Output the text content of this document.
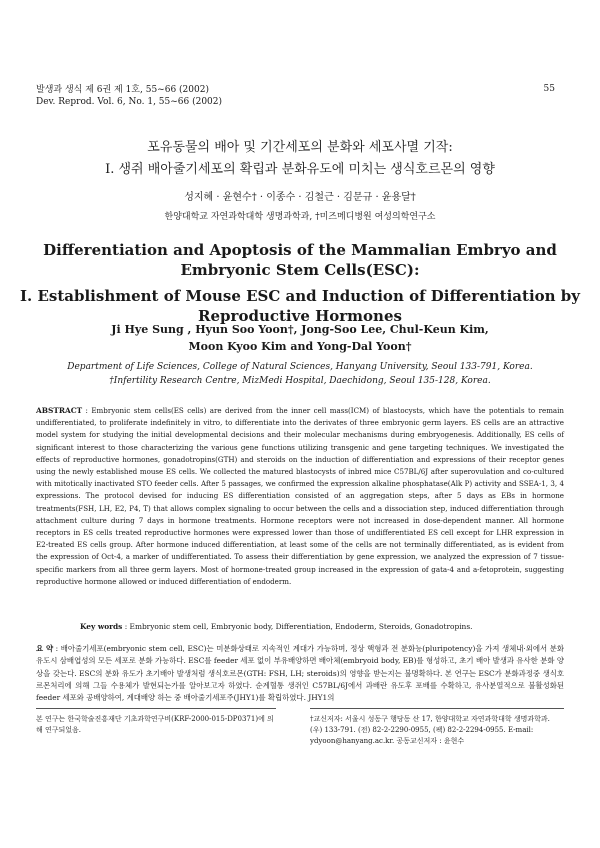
발생과 생식 제 6권 제 1호, 55~66 (2002)
Dev. Reprod. Vol. 6, No. 1, 55~66 (2002)
55
포유동물의 배아 및 기간세포의 분화와 세포사멸 기작:
I. 생쥐 배아줄기세포의 확립과 분화유도에 미치는 생식호르몬의 영향
성지혜 · 윤현수† · 이종수 · 김철근 · 김문규 · 윤용달†
한양대학교 자연과학대학 생명과학과, †미즈메디병원 여성의학연구소
Differentiation and Apoptosis of the Mammalian Embryo and
Embryonic Stem Cells(ESC):
I. Establishment of Mouse ESC and Induction of Differentiation by
Reproductive Hormones
Ji Hye Sung , Hyun Soo Yoon†, Jong-Soo Lee, Chul-Keun Kim,
Moon Kyoo Kim and Yong-Dal Yoon†
Department of Life Sciences, College of Natural Sciences, Hanyang University, Seoul 133-791, Korea.
†Infertility Research Centre, MizMedi Hospital, Daechidong, Seoul 135-128, Korea.
ABSTRACT : Embryonic stem cells(ES cells) are derived from the inner cell mass(ICM) of blastocysts, which have the potentials to remain undifferentiated, to proliferate indefinitely in vitro, to differentiate into the derivates of three embryonic germ layers. ES cells are an attractive model system for studying the initial developmental decisions and their molecular mechanisms during embryogenesis. Additionally, ES cells of significant interest to those characterizing the various gene functions utilizing transgenic and gene targeting techniques. We investigated the effects of reproductive hormones, gonadotropins(GTH) and steroids on the induction of differentiation and expressions of their receptor genes using the newly established mouse ES cells. We collected the matured blastocysts of inbred mice C57BL/6J after superovulation and co-cultured with mitotically inactivated STO feeder cells. After 5 passages, we confirmed the expression alkaline phosphatase(Alk P) activity and SSEA-1, 3, 4 expressions. The protocol devised for inducing ES differentiation consisted of an aggregation steps, after 5 days as EBs in hormone treatments(FSH, LH, E2, P4, T) that allows complex signaling to occur between the cells and a dissociation step, induced differentiation through attachment culture during 7 days in hormone treatments. Hormone receptors were not increased in dose-dependent manner. All hormone receptors in ES cells treated reproductive hormones were expressed lower than those of undifferentiated ES cell except for LHR expression in E2-treated ES cells group. After hormone induced differentiation, at least some of the cells are not terminally differentiated, as is evident from the expression of Oct-4, a marker of undifferentiated. To assess their differentiation by gene expression, we analyzed the expression of 7 tissue-specific markers from all three germ layers. Most of hormone-treated group increased in the expression of gata-4 and a-fetoprotein, suggesting reproductive hormone allowed or induced differentiation of endoderm.
Key words : Embryonic stem cell, Embryonic body, Differentiation, Endoderm, Steroids, Gonadotropins.
요 약 : 배아줄기세포(embryonic stem cell, ESC)는 미분화상태로 지속적인 계대가 가능하며, 정상 핵형과 전 분화능(pluripotency)을 가져 생체내·외에서 분화 유도시 삼배엽성의 모든 세포로 분화 가능하다. ESC를 feeder 세포 없이 부유배양하면 배아체(embryoid body, EB)를 형성하고, 초기 배아 발생과 유사한 분화 양상을 갖는다. ESC의 분화 유도가 초기배아 발생처럼 생식호르몬(GTH: FSH, LH; steroids)의 영향을 받는지는 불명확하다. 본 연구는 ESC가 분화과정중 생식호르몬처리에 의해 그들 수용체가 발현되는가를 알아보고자 하였다. 순계혈통 생쥐인 C57BL/6J에서 과배란 유도후 포배를 수확하고, 유사분열적으로 불활성화된 feeder 세포와 공배양하여, 계대배양 하는 중 배아줄기세포주(JHY1)를 확립하였다. JHY1의
본 연구는 한국학술진흥재단 기초과학연구비(KRF-2000-015-DP0371)에 의해 연구되었음.
†교신저자: 서울시 성동구 행당동 산 17, 한양대학교 자연과학대학 생명과학과. (우) 133-791. (전) 82-2-2290-0955, (팩) 82-2-2294-0955. E-mail: ydyoon@hanyang.ac.kr. 공동교신저자 : 윤현수
